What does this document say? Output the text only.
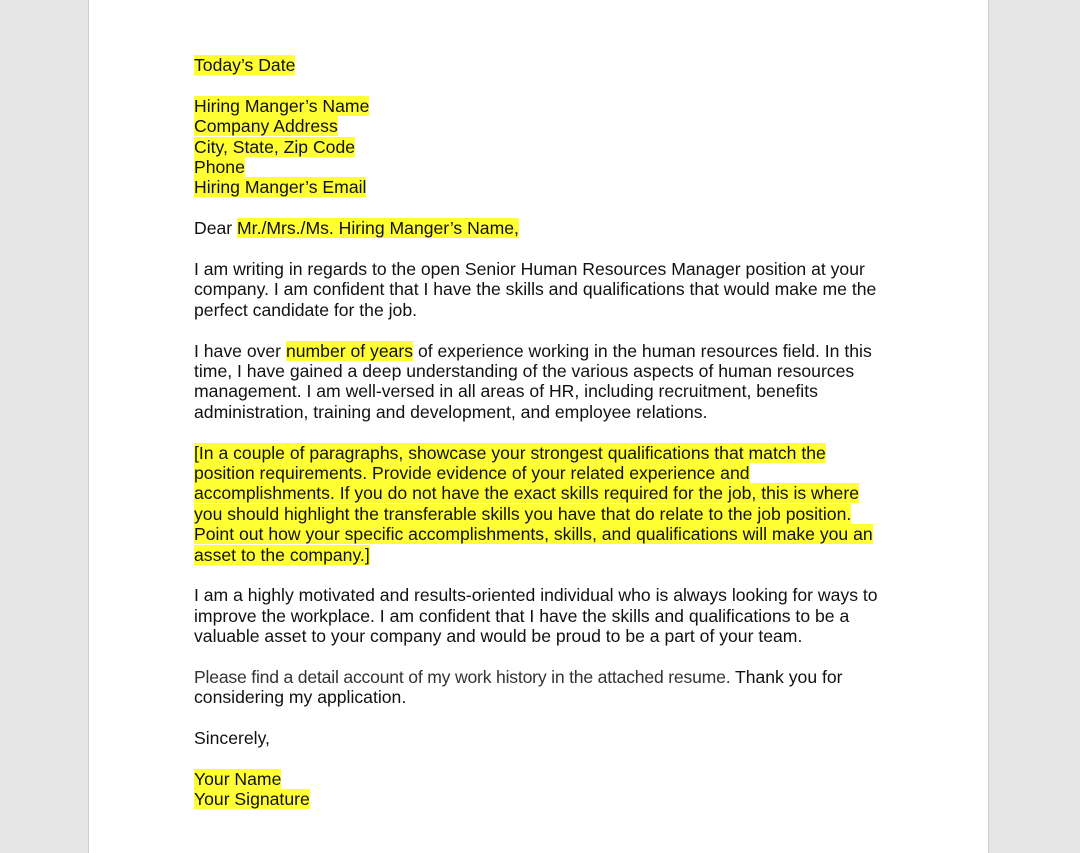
Today’s Date
Hiring Manger’s Name
Company Address
City, State, Zip Code
Phone
Hiring Manger’s Email
Dear Mr./Mrs./Ms. Hiring Manger’s Name,
I am writing in regards to the open Senior Human Resources Manager position at your
company. I am confident that I have the skills and qualifications that would make me the
perfect candidate for the job.
I have over number of years of experience working in the human resources field. In this
time, I have gained a deep understanding of the various aspects of human resources
management. I am well-versed in all areas of HR, including recruitment, benefits
administration, training and development, and employee relations.
[In a couple of paragraphs, showcase your strongest qualifications that match the
position requirements. Provide evidence of your related experience and
accomplishments. If you do not have the exact skills required for the job, this is where
you should highlight the transferable skills you have that do relate to the job position.
Point out how your specific accomplishments, skills, and qualifications will make you an
asset to the company.]
I am a highly motivated and results-oriented individual who is always looking for ways to
improve the workplace. I am confident that I have the skills and qualifications to be a
valuable asset to your company and would be proud to be a part of your team.
Please find a detail account of my work history in the attached resume. Thank you for
considering my application.
Sincerely,
Your Name
Your Signature
